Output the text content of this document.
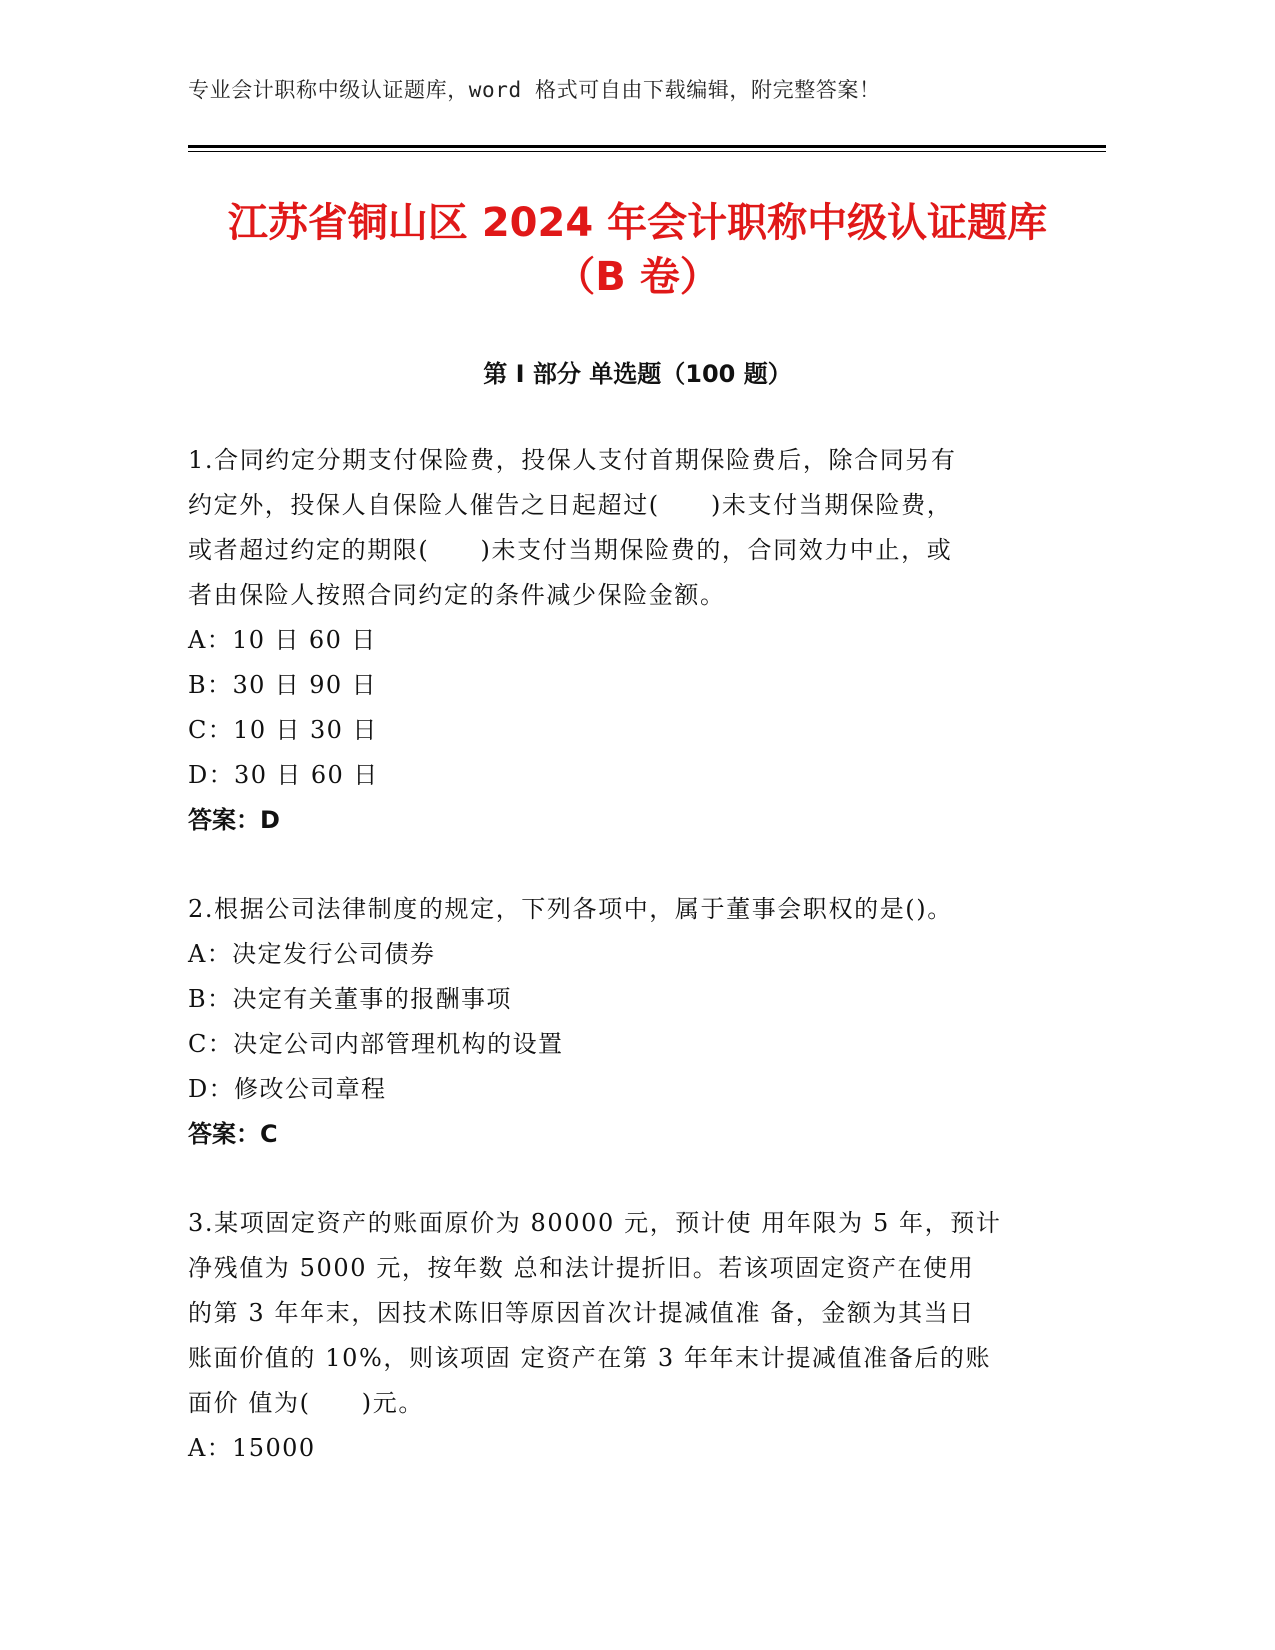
专业会计职称中级认证题库，word 格式可自由下载编辑，附完整答案！
江苏省铜山区 2024 年会计职称中级认证题库
（B 卷）
第 I 部分 单选题（100 题）
1.合同约定分期支付保险费，投保人支付首期保险费后，除合同另有
约定外，投保人自保险人催告之日起超过(　　)未支付当期保险费，
或者超过约定的期限(　　)未支付当期保险费的，合同效力中止，或
者由保险人按照合同约定的条件减少保险金额。
A：10 日 60 日
B：30 日 90 日
C：10 日 30 日
D：30 日 60 日
答案：D
2.根据公司法律制度的规定，下列各项中，属于董事会职权的是()。
A：决定发行公司债券
B：决定有关董事的报酬事项
C：决定公司内部管理机构的设置
D：修改公司章程
答案：C
3.某项固定资产的账面原价为 80000 元，预计使 用年限为 5 年，预计
净残值为 5000 元，按年数 总和法计提折旧。若该项固定资产在使用
的第 3 年年末，因技术陈旧等原因首次计提减值准 备，金额为其当日
账面价值的 10%，则该项固 定资产在第 3 年年末计提减值准备后的账
面价 值为(　　)元。
A：15000
